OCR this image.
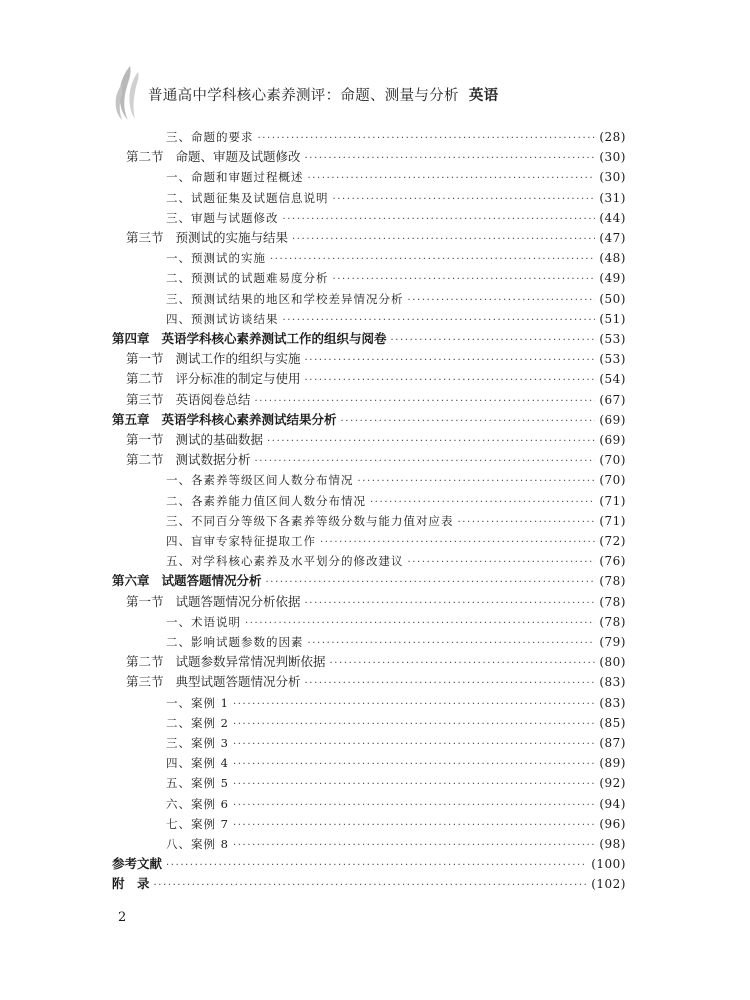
普通高中学科核心素养测评：命题、测量与分析 英语
三、命题的要求 ·····	(28)
第二节 命题、审题及试题修改 ·····	(30)
一、命题和审题过程概述 ·····	(30)
二、试题征集及试题信息说明 ·····	(31)
三、审题与试题修改 ·····	(44)
第三节 预测试的实施与结果 ·····	(47)
一、预测试的实施 ·····	(48)
二、预测试的试题难易度分析 ·····	(49)
三、预测试结果的地区和学校差异情况分析 ·····	(50)
四、预测试访谈结果 ·····	(51)
第四章 英语学科核心素养测试工作的组织与阅卷 ·····	(53)
第一节 测试工作的组织与实施 ·····	(53)
第二节 评分标准的制定与使用 ·····	(54)
第三节 英语阅卷总结 ·····	(67)
第五章 英语学科核心素养测试结果分析 ·····	(69)
第一节 测试的基础数据 ·····	(69)
第二节 测试数据分析 ·····	(70)
一、各素养等级区间人数分布情况 ·····	(70)
二、各素养能力值区间人数分布情况 ·····	(71)
三、不同百分等级下各素养等级分数与能力值对应表 ·····	(71)
四、盲审专家特征提取工作 ·····	(72)
五、对学科核心素养及水平划分的修改建议 ·····	(76)
第六章 试题答题情况分析 ·····	(78)
第一节 试题答题情况分析依据 ·····	(78)
一、术语说明 ·····	(78)
二、影响试题参数的因素 ·····	(79)
第二节 试题参数异常情况判断依据 ·····	(80)
第三节 典型试题答题情况分析 ·····	(83)
一、案例 1 ·····	(83)
二、案例 2 ·····	(85)
三、案例 3 ·····	(87)
四、案例 4 ·····	(89)
五、案例 5 ·····	(92)
六、案例 6 ·····	(94)
七、案例 7 ·····	(96)
八、案例 8 ·····	(98)
参考文献 ·····	(100)
附　录 ·····	(102)
2
